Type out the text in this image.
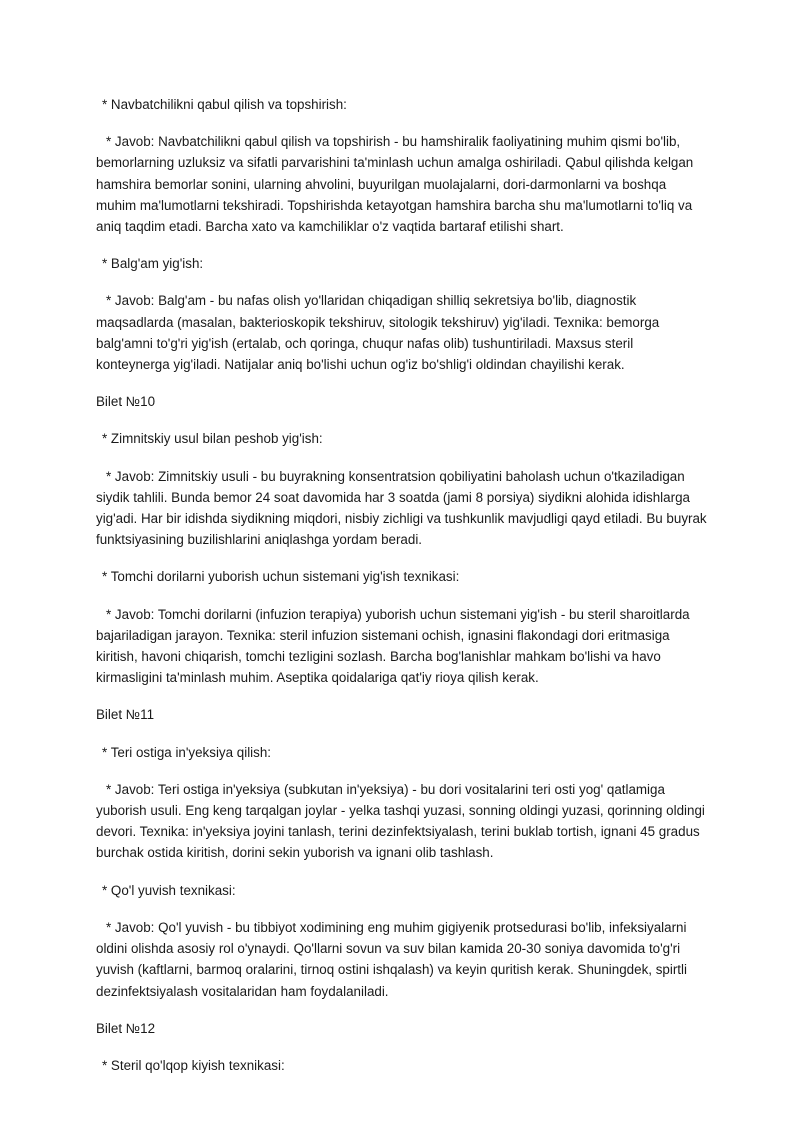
* Navbatchilikni qabul qilish va topshirish:

* Javob: Navbatchilikni qabul qilish va topshirish - bu hamshiralik faoliyatining muhim qismi bo'lib, bemorlarning uzluksiz va sifatli parvarishini ta'minlash uchun amalga oshiriladi. Qabul qilishda kelgan hamshira bemorlar sonini, ularning ahvolini, buyurilgan muolajalarni, dori-darmonlarni va boshqa muhim ma'lumotlarni tekshiradi. Topshirishda ketayotgan hamshira barcha shu ma'lumotlarni to'liq va aniq taqdim etadi. Barcha xato va kamchiliklar o'z vaqtida bartaraf etilishi shart.

* Balg'am yig'ish:

* Javob: Balg'am - bu nafas olish yo'llaridan chiqadigan shilliq sekretsiya bo'lib, diagnostik maqsadlarda (masalan, bakterioskopik tekshiruv, sitologik tekshiruv) yig'iladi. Texnika: bemorga balg'amni to'g'ri yig'ish (ertalab, och qoringa, chuqur nafas olib) tushuntiriladi. Maxsus steril konteynerga yig'iladi. Natijalar aniq bo'lishi uchun og'iz bo'shlig'i oldindan chayilishi kerak.

Bilet №10

* Zimnitskiy usul bilan peshob yig'ish:

* Javob: Zimnitskiy usuli - bu buyrakning konsentratsion qobiliyatini baholash uchun o'tkaziladigan siydik tahlili. Bunda bemor 24 soat davomida har 3 soatda (jami 8 porsiya) siydikni alohida idishlarga yig'adi. Har bir idishda siydikning miqdori, nisbiy zichligi va tushkunlik mavjudligi qayd etiladi. Bu buyrak funktsiyasining buzilishlarini aniqlashga yordam beradi.

* Tomchi dorilarni yuborish uchun sistemani yig'ish texnikasi:

* Javob: Tomchi dorilarni (infuzion terapiya) yuborish uchun sistemani yig'ish - bu steril sharoitlarda bajariladigan jarayon. Texnika: steril infuzion sistemani ochish, ignasini flakondagi dori eritmasiga kiritish, havoni chiqarish, tomchi tezligini sozlash. Barcha bog'lanishlar mahkam bo'lishi va havo kirmasligini ta'minlash muhim. Aseptika qoidalariga qat'iy rioya qilish kerak.

Bilet №11

* Teri ostiga in'yeksiya qilish:

* Javob: Teri ostiga in'yeksiya (subkutan in'yeksiya) - bu dori vositalarini teri osti yog' qatlamiga yuborish usuli. Eng keng tarqalgan joylar - yelka tashqi yuzasi, sonning oldingi yuzasi, qorinning oldingi devori. Texnika: in'yeksiya joyini tanlash, terini dezinfektsiyalash, terini buklab tortish, ignani 45 gradus burchak ostida kiritish, dorini sekin yuborish va ignani olib tashlash.

* Qo'l yuvish texnikasi:

* Javob: Qo'l yuvish - bu tibbiyot xodimining eng muhim gigiyenik protsedurasi bo'lib, infeksiyalarni oldini olishda asosiy rol o'ynaydi. Qo'llarni sovun va suv bilan kamida 20-30 soniya davomida to'g'ri yuvish (kaftlarni, barmoq oralarini, tirnoq ostini ishqalash) va keyin quritish kerak. Shuningdek, spirtli dezinfektsiyalash vositalaridan ham foydalaniladi.

Bilet №12

* Steril qo'lqop kiyish texnikasi:
